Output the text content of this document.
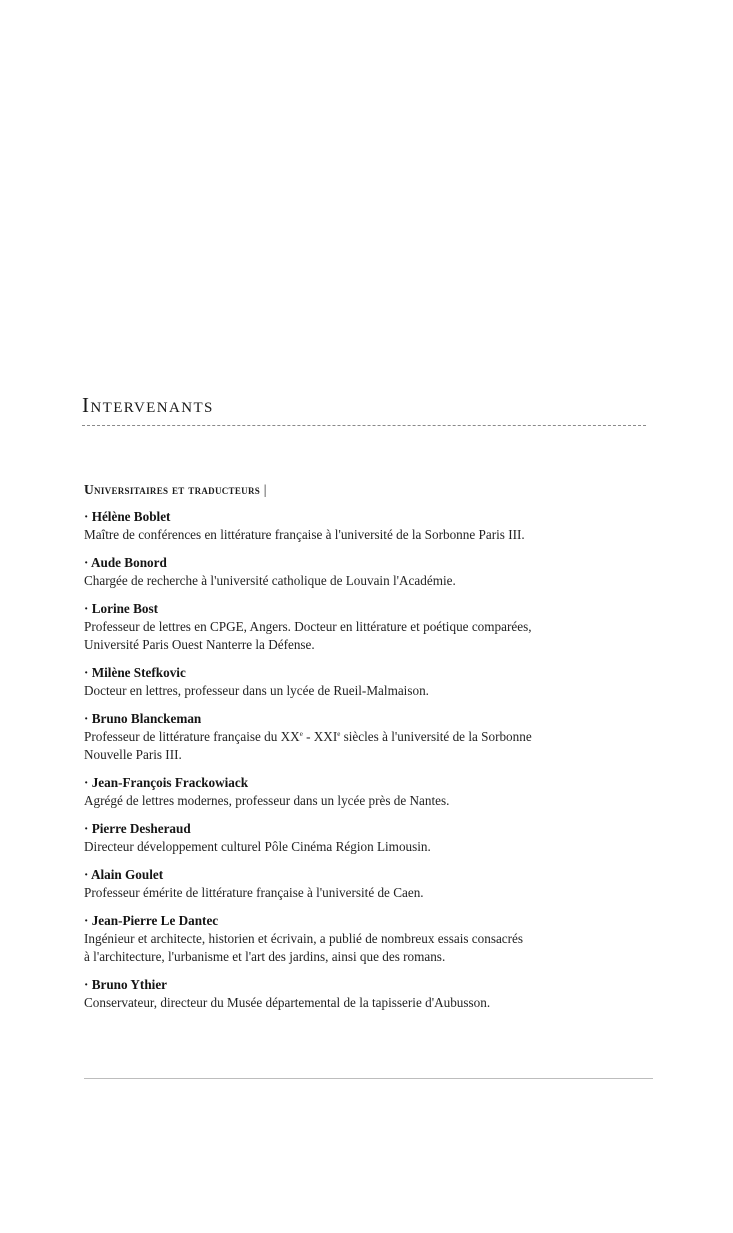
Intervenants
Universitaires et traducteurs |
· Hélène Boblet
Maître de conférences en littérature française à l'université de la Sorbonne Paris III.
· Aude Bonord
Chargée de recherche à l'université catholique de Louvain l'Académie.
· Lorine Bost
Professeur de lettres en CPGE, Angers. Docteur en littérature et poétique comparées,
Université Paris Ouest Nanterre la Défense.
· Milène Stefkovic
Docteur en lettres, professeur dans un lycée de Rueil-Malmaison.
· Bruno Blanckeman
Professeur de littérature française du XXe - XXIe siècles à l'université de la Sorbonne
Nouvelle Paris III.
· Jean-François Frackowiack
Agrégé de lettres modernes, professeur dans un lycée près de Nantes.
· Pierre Desheraud
Directeur développement culturel Pôle Cinéma Région Limousin.
· Alain Goulet
Professeur émérite de littérature française à l'université de Caen.
· Jean-Pierre Le Dantec
Ingénieur et architecte, historien et écrivain, a publié de nombreux essais consacrés
à l'architecture, l'urbanisme et l'art des jardins, ainsi que des romans.
· Bruno Ythier
Conservateur, directeur du Musée départemental de la tapisserie d'Aubusson.
